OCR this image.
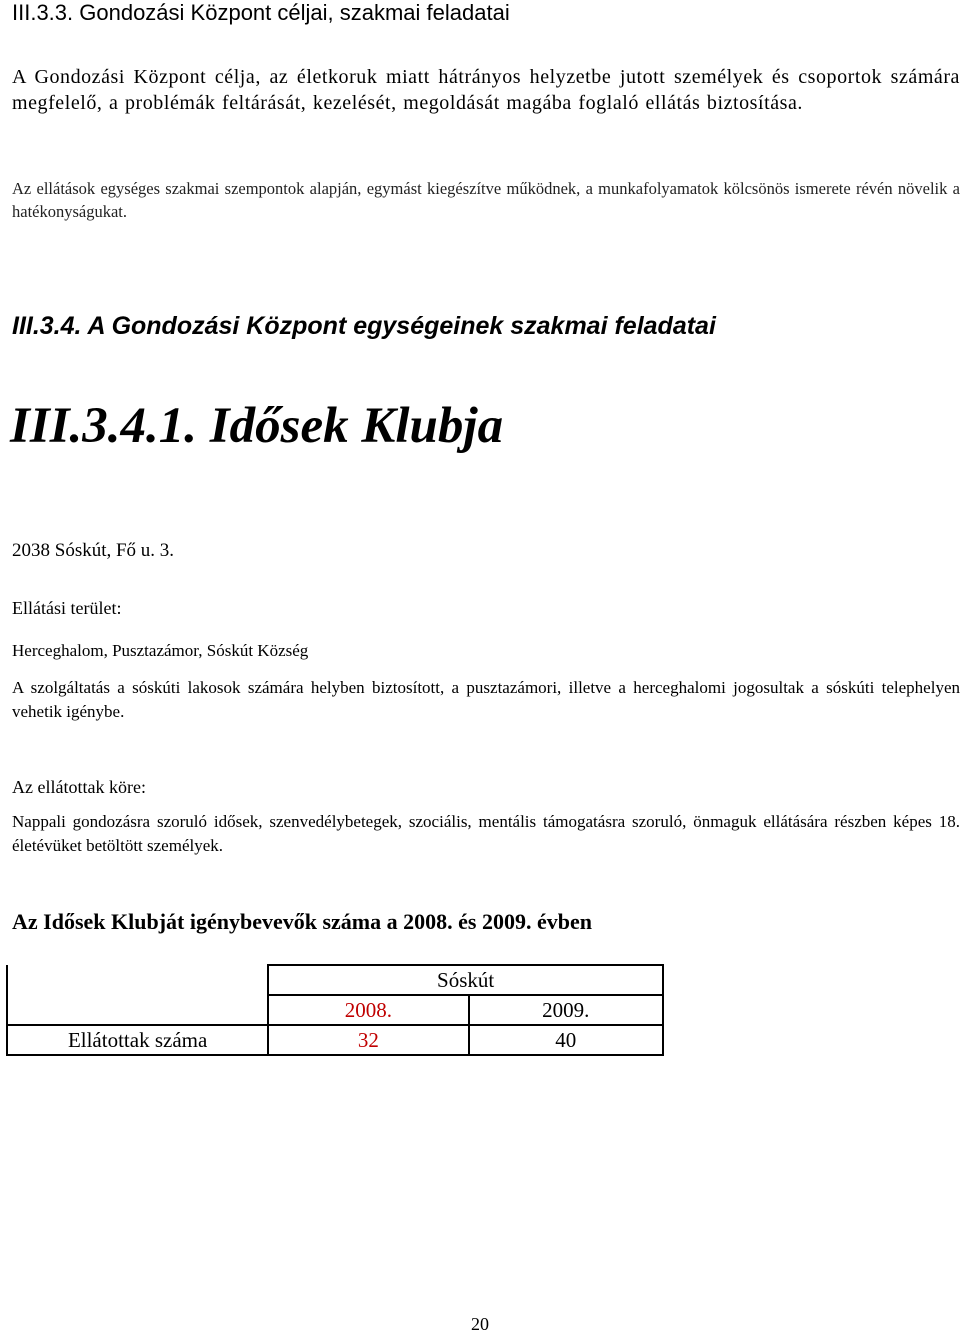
III.3.3. Gondozási Központ céljai, szakmai feladatai
A Gondozási Központ célja, az életkoruk miatt hátrányos helyzetbe jutott személyek és csoportok számára megfelelő, a problémák feltárását, kezelését, megoldását magába foglaló ellátás biztosítása.
Az ellátások egységes szakmai szempontok alapján, egymást kiegészítve működnek, a munkafolyamatok kölcsönös ismerete révén növelik a hatékonyságukat.
III.3.4. A Gondozási Központ egységeinek szakmai feladatai
III.3.4.1. Idősek Klubja
2038 Sóskút, Fő u. 3.
Ellátási terület:
Herceghalom, Pusztazámor, Sóskút Község
A szolgáltatás a sóskúti lakosok számára helyben biztosított, a pusztazámori, illetve a herceghalomi jogosultak a sóskúti telephelyen vehetik igénybe.
Az ellátottak köre:
Nappali gondozásra szoruló idősek, szenvedélybetegek, szociális, mentális támogatásra szoruló, önmaguk ellátására részben képes 18. életévüket betöltött személyek.
Az Idősek Klubját igénybevevők száma a 2008. és 2009. évben
	Sóskút	
	2008.	2009.
Ellátottak száma	32	40
20
